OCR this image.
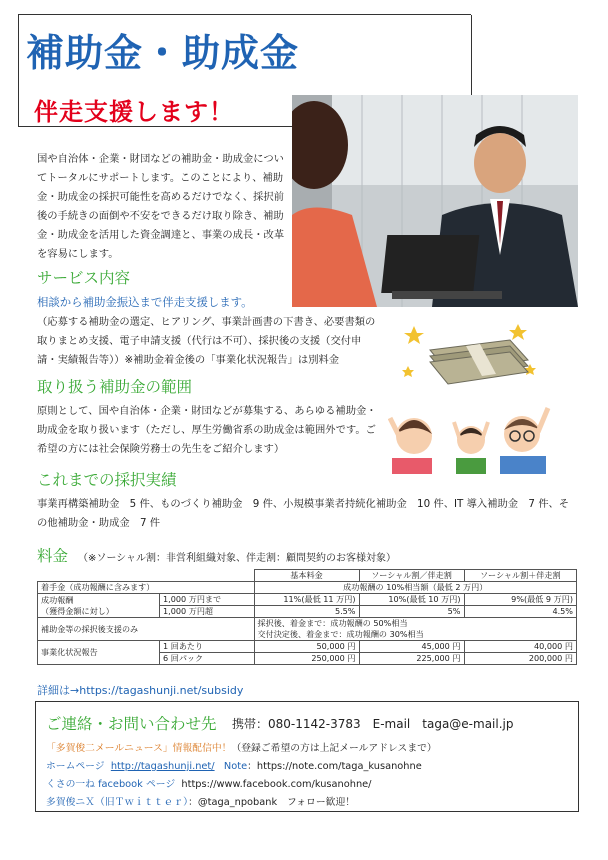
補助金・助成金
伴走支援します！
国や自治体・企業・財団などの補助金・助成金についてトータルにサポートします。このことにより、補助金・助成金の採択可能性を高めるだけでなく、採択前後の手続きの面倒や不安をできるだけ取り除き、補助金・助成金を活用した資金調達と、事業の成長・改革を容易にします。
サービス内容
相談から補助金振込まで伴走支援します。
（応募する補助金の選定、ヒアリング、事業計画書の下書き、必要書類の取りまとめ支援、電子申請支援（代行は不可）、採択後の支援（交付申請・実績報告等））※補助金着金後の「事業化状況報告」は別料金
取り扱う補助金の範囲
原則として、国や自治体・企業・財団などが募集する、あらゆる補助金・助成金を取り扱います（ただし、厚生労働省系の助成金は範囲外です。ご希望の方には社会保険労務士の先生をご紹介します）
これまでの採択実績
事業再構築補助金　5 件、ものづくり補助金　9 件、小規模事業者持続化補助金　10 件、IT 導入補助金　7 件、その他補助金・助成金　7 件
料金 （※ソーシャル割：非営利組織対象、伴走割：顧問契約のお客様対象）
		基本料金	ソーシャル割／伴走割	ソーシャル割＋伴走割
着手金（成功報酬に含みます）		成功報酬の 10%相当額（最低 2 万円）		
成功報酬
（獲得金額に対し）	1,000 万円まで	11%(最低 11 万円)	10%(最低 10 万円)	9%(最低 9 万円)
	1,000 万円超	5.5%	5%	4.5%
補助金等の採択後支援のみ		採択後、着金まで：成功報酬の 50%相当
交付決定後、着金まで：成功報酬の 30%相当		
事業化状況報告	1 回あたり	50,000 円	45,000 円	40,000 円
	6 回パック	250,000 円	225,000 円	200,000 円
詳細は→https://tagashunji.net/subsidy
ご連絡・お問い合わせ先 携帯：080-1142-3783　E-mail　taga@e-mail.jp
「多賀俊二メールニュース」情報配信中！（登録ご希望の方は上記メールアドレスまで）
ホームページ http://tagashunji.net/ Note：https://note.com/taga_kusanohne
くさの一ね facebook ページ https://www.facebook.com/kusanohne/
多賀俊ニＸ（旧Ｔｗｉｔｔｅｒ）：@taga_npobank　フォロー歓迎！
